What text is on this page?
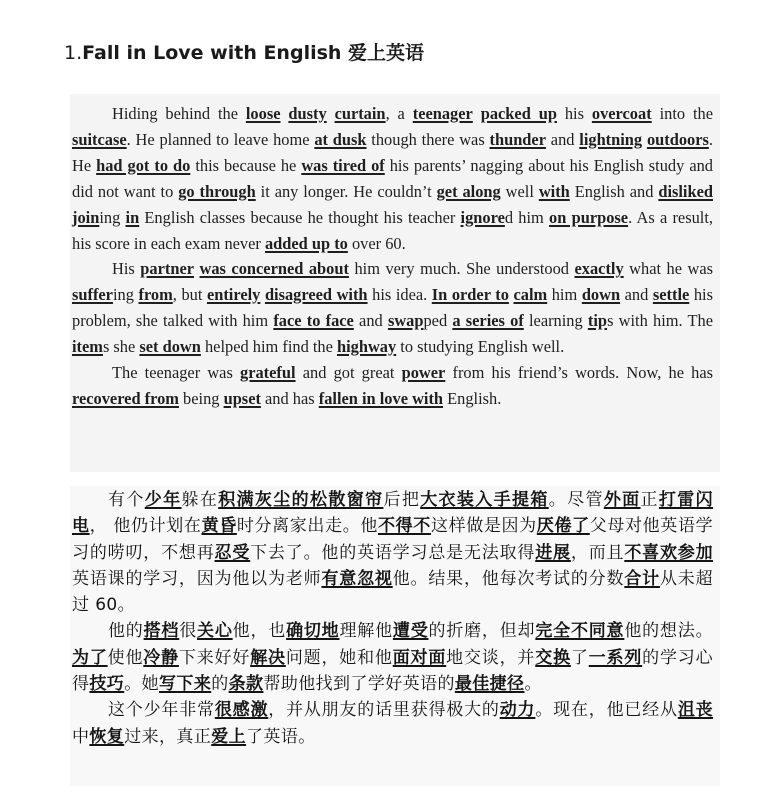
1.Fall in Love with English 爱上英语

Hiding behind the loose dusty curtain, a teenager packed up his overcoat into the suitcase. He planned to leave home at dusk though there was thunder and lightning outdoors. He had got to do this because he was tired of his parents’ nagging about his English study and did not want to go through it any longer. He couldn’t get along well with English and disliked joining in English classes because he thought his teacher ignored him on purpose. As a result, his score in each exam never added up to over 60.

His partner was concerned about him very much. She understood exactly what he was suffering from, but entirely disagreed with his idea. In order to calm him down and settle his problem, she talked with him face to face and swapped a series of learning tips with him. The items she set down helped him find the highway to studying English well.

The teenager was grateful and got great power from his friend’s words. Now, he has recovered from being upset and has fallen in love with English.

有个少年躲在积满灰尘的松散窗帘后把大衣装入手提箱。尽管外面正打雷闪电， 他仍计划在黄昏时分离家出走。他不得不这样做是因为厌倦了父母对他英语学习的唠叨，不想再忍受下去了。他的英语学习总是无法取得进展，而且不喜欢参加英语课的学习，因为他以为老师有意忽视他。结果，他每次考试的分数合计从未超过 60。

他的搭档很关心他，也确切地理解他遭受的折磨，但却完全不同意他的想法。为了使他冷静下来好好解决问题，她和他面对面地交谈，并交换了一系列的学习心得技巧。她写下来的条款帮助他找到了学好英语的最佳捷径。

这个少年非常很感激，并从朋友的话里获得极大的动力。现在，他已经从沮丧中恢复过来，真正爱上了英语。
